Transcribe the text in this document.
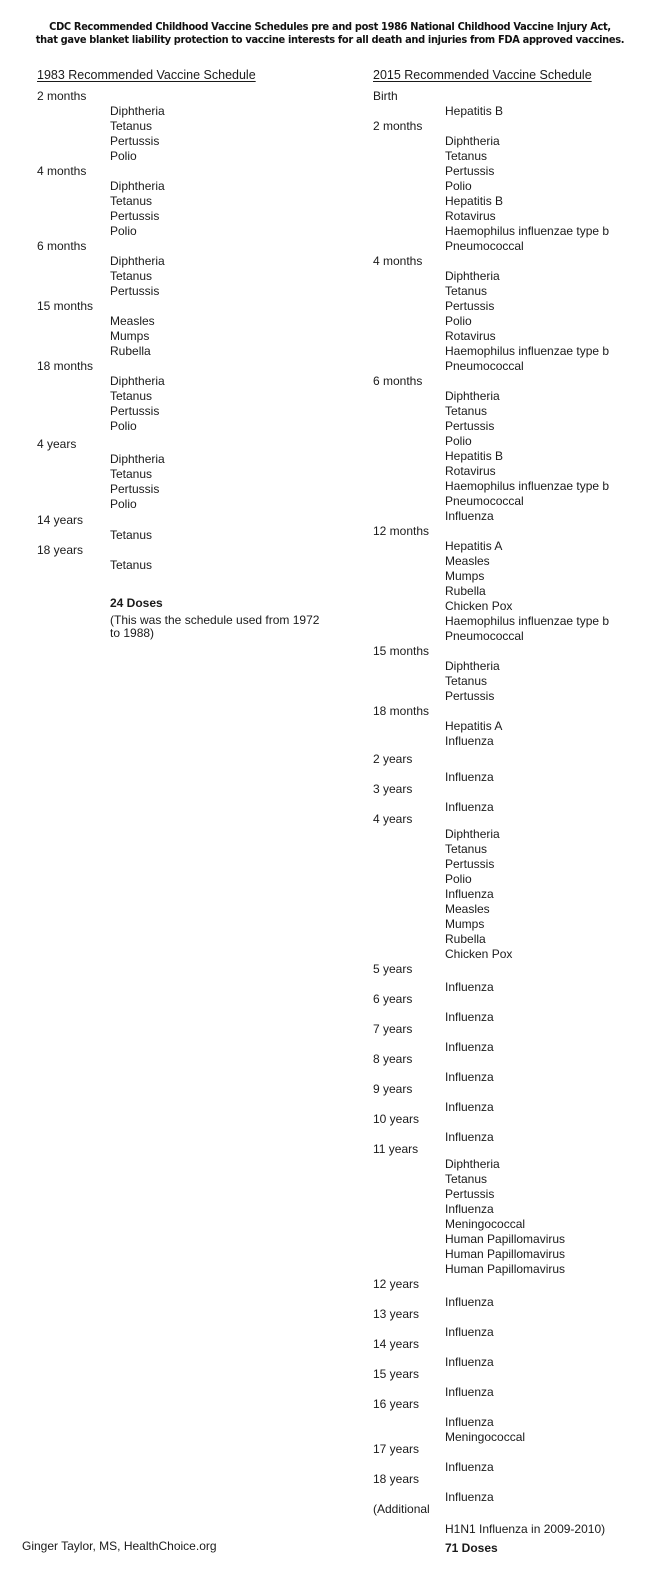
CDC Recommended Childhood Vaccine Schedules pre and post 1986 National Childhood Vaccine Injury Act,
that gave blanket liability protection to vaccine interests for all death and injuries from FDA approved vaccines.
1983 Recommended Vaccine Schedule	2015 Recommended Vaccine Schedule
2 months
Diphtheria
Tetanus
Pertussis
Polio
4 months
Diphtheria
Tetanus
Pertussis
Polio
6 months
Diphtheria
Tetanus
Pertussis
15 months
Measles
Mumps
Rubella
18 months
Diphtheria
Tetanus
Pertussis
Polio
4 years
Diphtheria
Tetanus
Pertussis
Polio
14 years
Tetanus
18 years
Tetanus
Birth
Hepatitis B
2 months
Diphtheria
Tetanus
Pertussis
Polio
Hepatitis B
Rotavirus
Haemophilus influenzae type b
Pneumococcal
4 months
Diphtheria
Tetanus
Pertussis
Polio
Rotavirus
Haemophilus influenzae type b
Pneumococcal
6 months
Diphtheria
Tetanus
Pertussis
Polio
Hepatitis B
Rotavirus
Haemophilus influenzae type b
Pneumococcal
Influenza
12 months
Hepatitis A
Measles
Mumps
Rubella
Chicken Pox
Haemophilus influenzae type b
Pneumococcal
15 months
Diphtheria
Tetanus
Pertussis
18 months
Hepatitis A
Influenza
2 years
Influenza
3 years
Influenza
4 years
Diphtheria
Tetanus
Pertussis
Polio
Influenza
Measles
Mumps
Rubella
Chicken Pox
5 years
Influenza
6 years
Influenza
7 years
Influenza
8 years
Influenza
9 years
Influenza
10 years
Influenza
11 years
Diphtheria
Tetanus
Pertussis
Influenza
Meningococcal
Human Papillomavirus
Human Papillomavirus
Human Papillomavirus
12 years
Influenza
13 years
Influenza
14 years
Influenza
15 years
Influenza
16 years
Influenza
Meningococcal
17 years
Influenza
18 years
Influenza
(Additional
H1N1 Influenza in 2009-2010)
24 Doses
(This was the schedule used from 1972 to 1988)
71 Doses
Ginger Taylor, MS, HealthChoice.org
